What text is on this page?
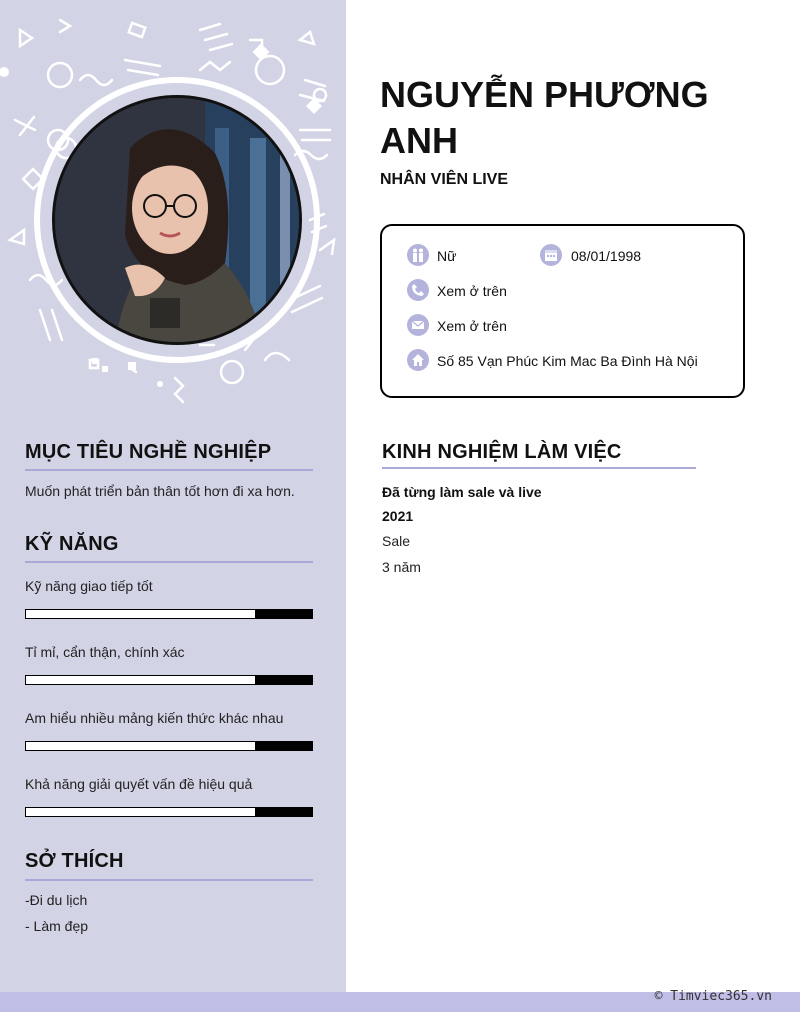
MỤC TIÊU NGHỀ NGHIỆP
Muốn phát triển bản thân tốt hơn đi xa hơn.
KỸ NĂNG
Kỹ năng giao tiếp tốt
Tỉ mỉ, cẩn thận, chính xác
Am hiểu nhiều mảng kiến thức khác nhau
Khả năng giải quyết vấn đề hiệu quả
SỞ THÍCH
-Đi du lịch
- Làm đẹp
NGUYỄN PHƯƠNG ANH
NHÂN VIÊN LIVE
Nữ	08/01/1998
Xem ở trên
Xem ở trên
Số 85 Vạn Phúc Kim Mac Ba Đình Hà Nội
KINH NGHIỆM LÀM VIỆC
Đã từng làm sale và live
2021
Sale
3 năm
© Timviec365.vn
